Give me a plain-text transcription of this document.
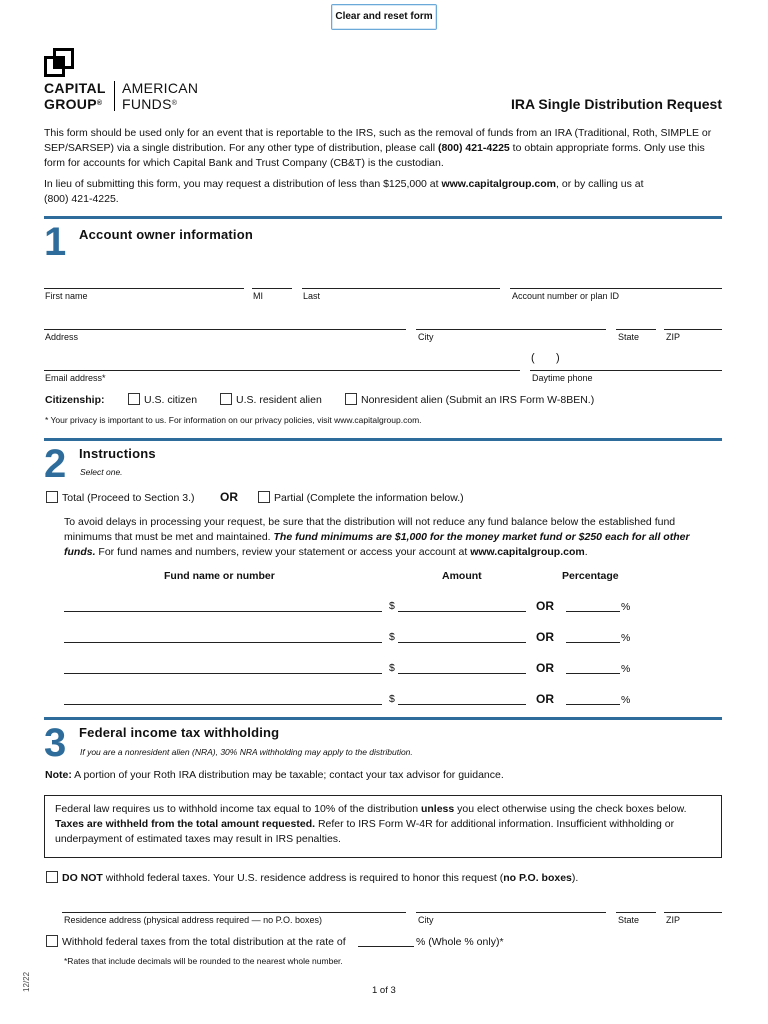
Clear and reset form
CAPITAL
GROUP®
AMERICAN
FUNDS®	IRA Single Distribution Request
This form should be used only for an event that is reportable to the IRS, such as the removal of funds from an IRA (Traditional, Roth, SIMPLE or SEP/SARSEP) via a single distribution. For any other type of distribution, please call (800) 421-4225 to obtain appropriate forms. Only use this form for accounts for which Capital Bank and Trust Company (CB&T) is the custodian.
In lieu of submitting this form, you may request a distribution of less than $125,000 at www.capitalgroup.com, or by calling us at (800) 421-4225.
1 Account owner information
First name	MI	Last	Account number or plan ID
Address	City	State	ZIP
(       )
Email address*	Daytime phone
Citizenship:	U.S. citizen	U.S. resident alien	Nonresident alien (Submit an IRS Form W-8BEN.)
* Your privacy is important to us. For information on our privacy policies, visit www.capitalgroup.com.
2 Instructions
Select one.
Total (Proceed to Section 3.) OR	Partial (Complete the information below.)
To avoid delays in processing your request, be sure that the distribution will not reduce any fund balance below the established fund minimums that must be met and maintained. The fund minimums are $1,000 for the money market fund or $250 each for all other funds. For fund names and numbers, review your statement or access your account at www.capitalgroup.com.
Fund name or number	Amount	Percentage
$	OR	%
$	OR	%
$	OR	%
$	OR	%
3 Federal income tax withholding
If you are a nonresident alien (NRA), 30% NRA withholding may apply to the distribution.
Note: A portion of your Roth IRA distribution may be taxable; contact your tax advisor for guidance.
Federal law requires us to withhold income tax equal to 10% of the distribution unless you elect otherwise using the check boxes below. Taxes are withheld from the total amount requested. Refer to IRS Form W-4R for additional information. Insufficient withholding or underpayment of estimated taxes may result in IRS penalties.
DO NOT withhold federal taxes. Your U.S. residence address is required to honor this request (no P.O. boxes).
Residence address (physical address required — no P.O. boxes)	City	State	ZIP
Withhold federal taxes from the total distribution at the rate of	% (Whole % only)*
*Rates that include decimals will be rounded to the nearest whole number.
1 of 3
12/22
